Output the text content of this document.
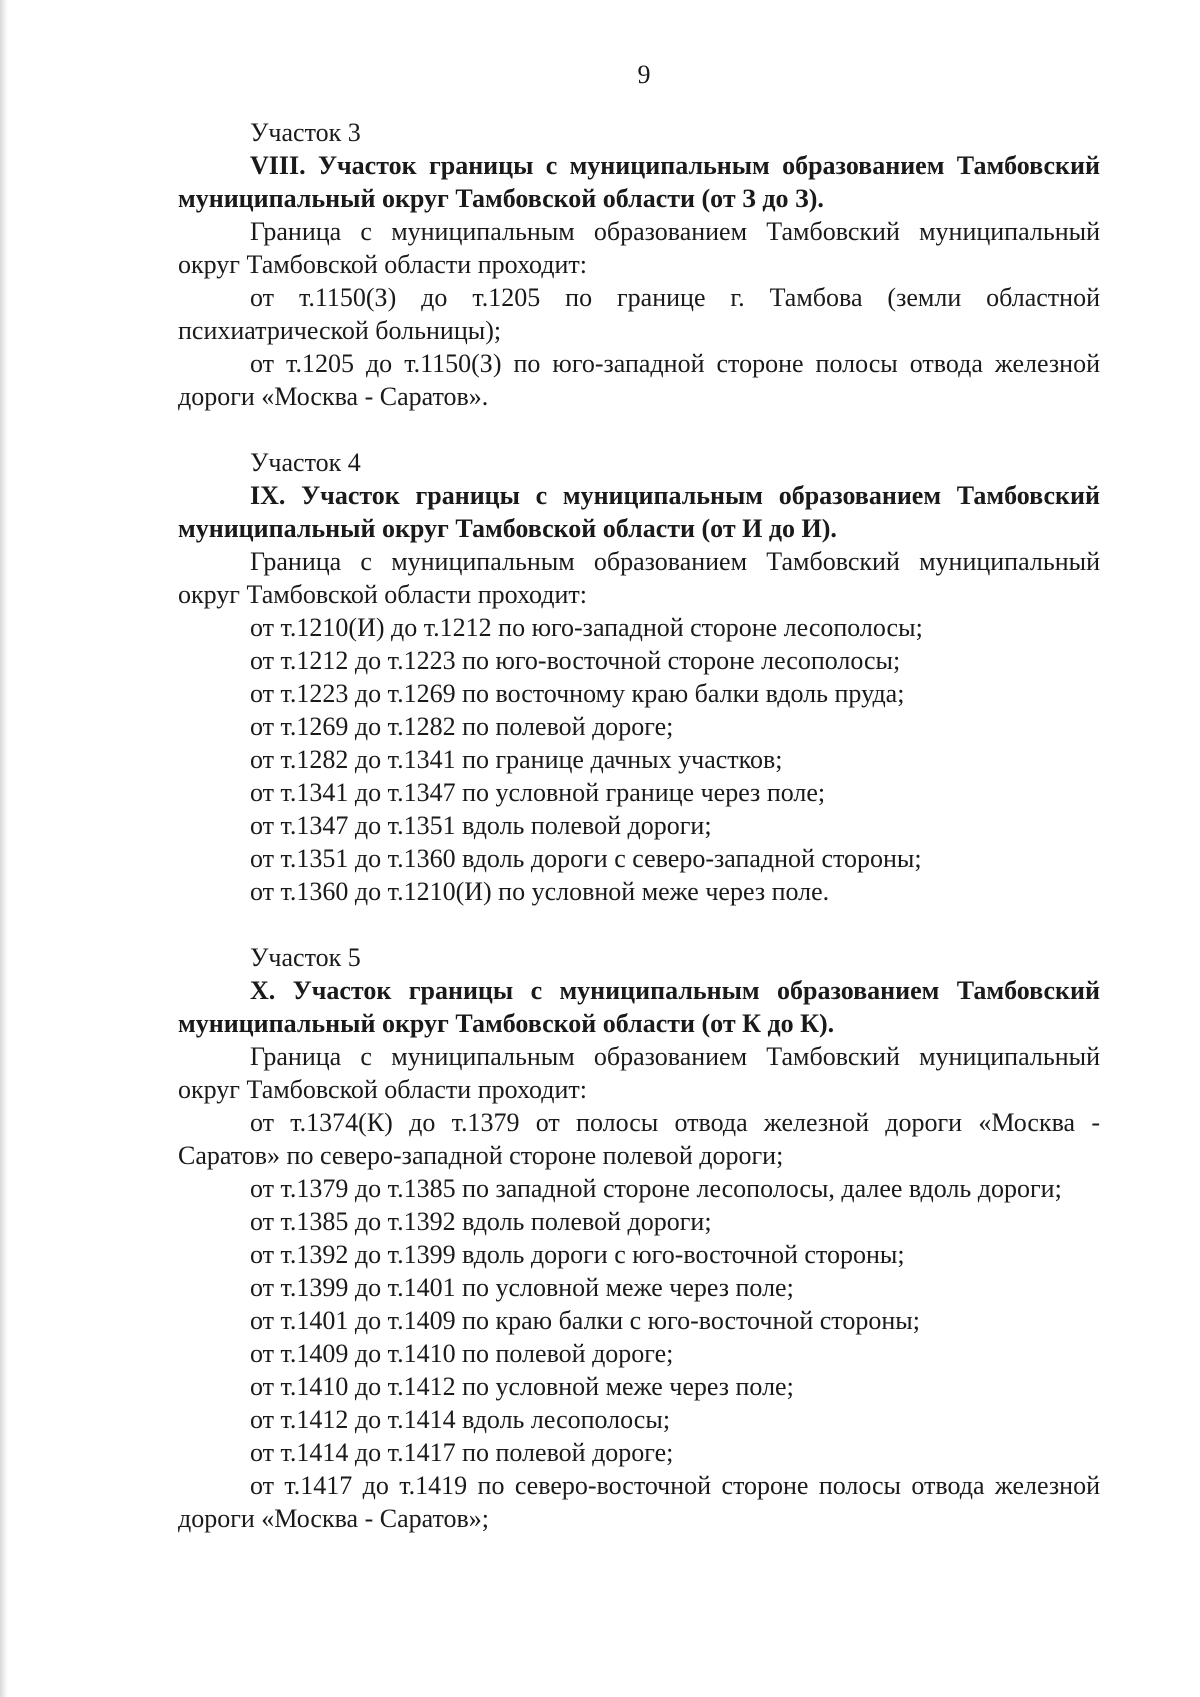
9
Участок 3
VIII. Участок границы с муниципальным образованием Тамбовский муниципальный округ Тамбовской области (от З до З).
Граница с муниципальным образованием Тамбовский муниципальный округ Тамбовской области проходит:
от т.1150(З) до т.1205 по границе г. Тамбова (земли областной психиатрической больницы);
от т.1205 до т.1150(З) по юго-западной стороне полосы отвода железной дороги «Москва - Саратов».
Участок 4
IX. Участок границы с муниципальным образованием Тамбовский муниципальный округ Тамбовской области (от И до И).
Граница с муниципальным образованием Тамбовский муниципальный округ Тамбовской области проходит:
от т.1210(И) до т.1212 по юго-западной стороне лесополосы;
от т.1212 до т.1223 по юго-восточной стороне лесополосы;
от т.1223 до т.1269 по восточному краю балки вдоль пруда;
от т.1269 до т.1282 по полевой дороге;
от т.1282 до т.1341 по границе дачных участков;
от т.1341 до т.1347 по условной границе через поле;
от т.1347 до т.1351 вдоль полевой дороги;
от т.1351 до т.1360 вдоль дороги с северо-западной стороны;
от т.1360 до т.1210(И) по условной меже через поле.
Участок 5
X. Участок границы с муниципальным образованием Тамбовский муниципальный округ Тамбовской области (от К до К).
Граница с муниципальным образованием Тамбовский муниципальный округ Тамбовской области проходит:
от т.1374(К) до т.1379 от полосы отвода железной дороги «Москва - Саратов» по северо-западной стороне полевой дороги;
от т.1379 до т.1385 по западной стороне лесополосы, далее вдоль дороги;
от т.1385 до т.1392 вдоль полевой дороги;
от т.1392 до т.1399 вдоль дороги с юго-восточной стороны;
от т.1399 до т.1401 по условной меже через поле;
от т.1401 до т.1409 по краю балки с юго-восточной стороны;
от т.1409 до т.1410 по полевой дороге;
от т.1410 до т.1412 по условной меже через поле;
от т.1412 до т.1414 вдоль лесополосы;
от т.1414 до т.1417 по полевой дороге;
от т.1417 до т.1419 по северо-восточной стороне полосы отвода железной дороги «Москва - Саратов»;
